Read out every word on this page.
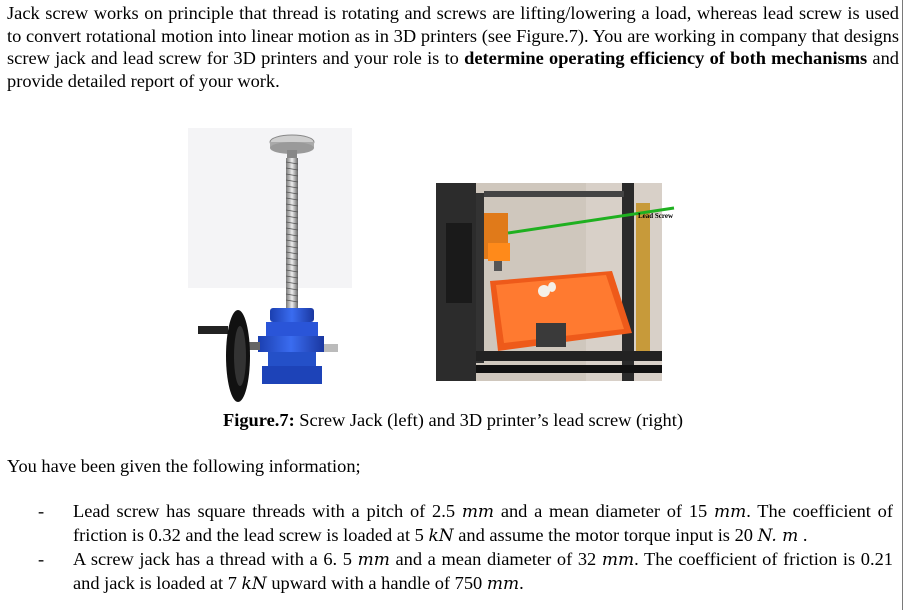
Jack screw works on principle that thread is rotating and screws are lifting/lowering a load, whereas lead screw is used to convert rotational motion into linear motion as in 3D printers (see Figure.7). You are working in company that designs screw jack and lead screw for 3D printers and your role is to determine operating efficiency of both mechanisms and provide detailed report of your work.

Lead Screw
Figure.7: Screw Jack (left) and 3D printer’s lead screw (right)
You have been given the following information;
- Lead screw has square threads with a pitch of 2.5 mm and a mean diameter of 15 mm. The coefficient of friction is 0.32 and the lead screw is loaded at 5 kN and assume the motor torque input is 20 N. m .
- A screw jack has a thread with a 6. 5 mm and a mean diameter of 32 mm. The coefficient of friction is 0.21 and jack is loaded at 7 kN upward with a handle of 750 mm.
